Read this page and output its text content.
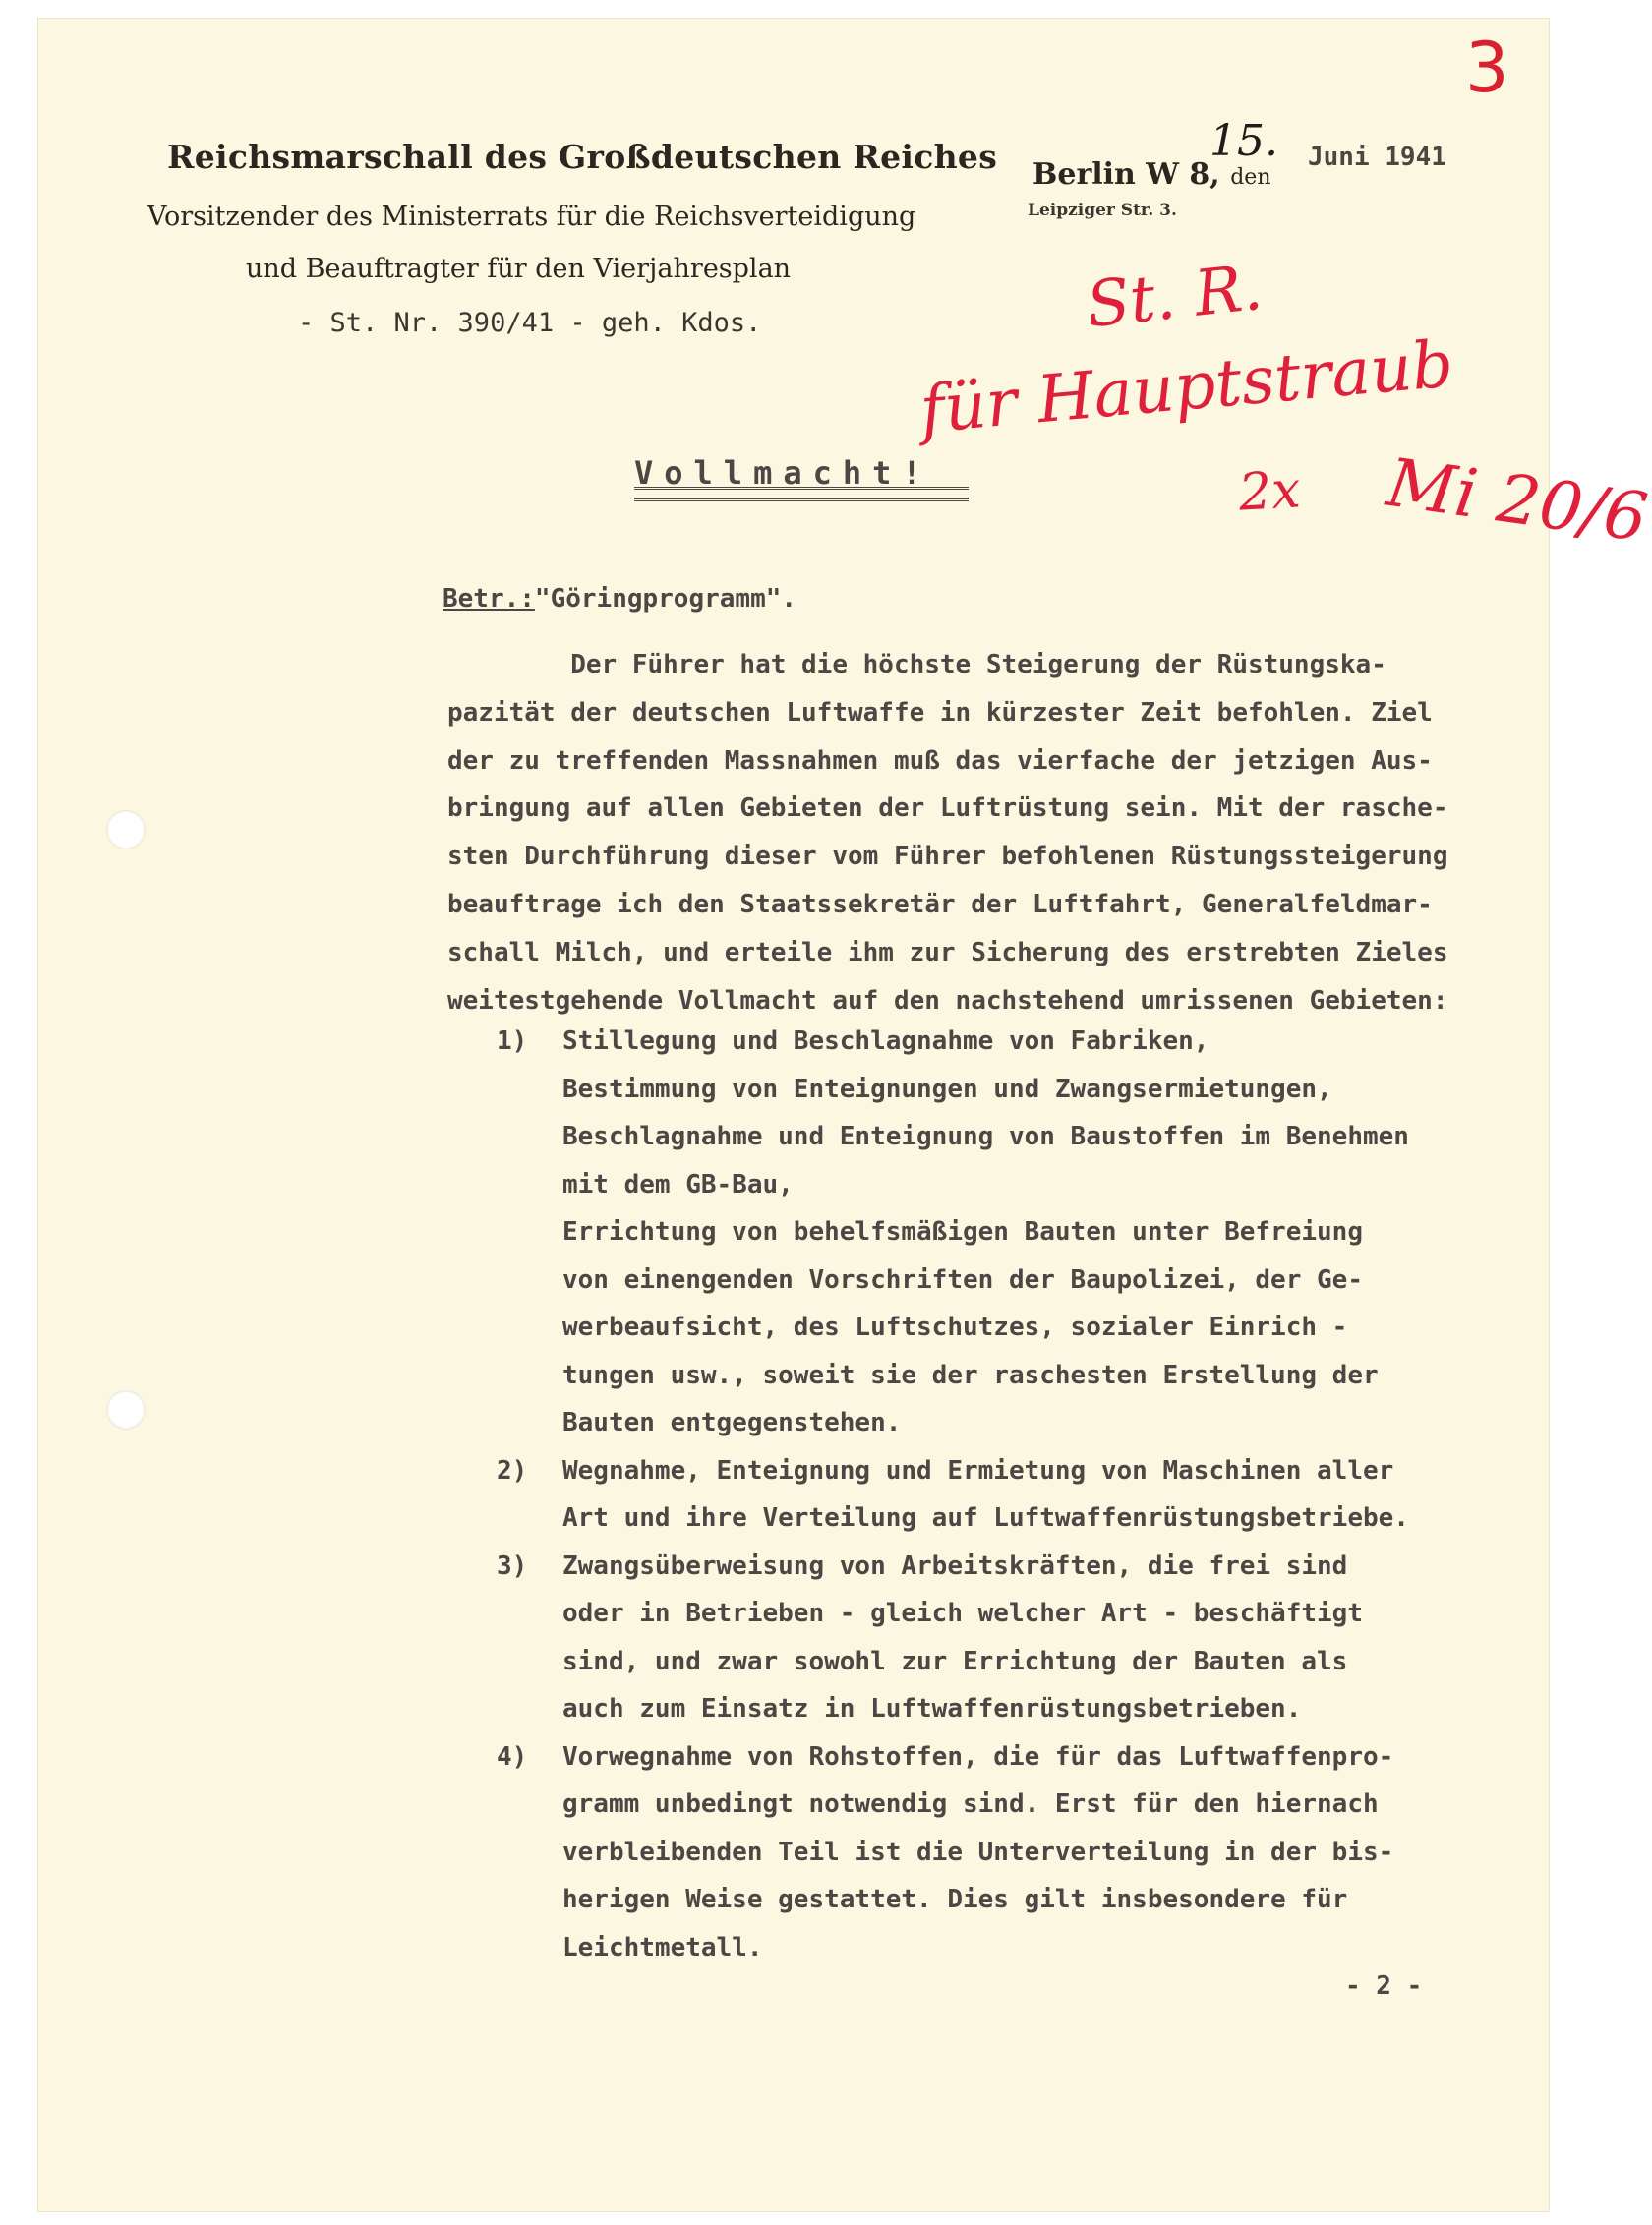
3
Reichsmarschall des Großdeutschen Reiches
Vorsitzender des Ministerrats für die Reichsverteidigung
und Beauftragter für den Vierjahresplan
- St. Nr. 390/41 - geh. Kdos.
Berlin W 8, den
15. Juni 1941
Leipziger Str. 3.
St. R.
für Hauptstraub
2x Mi 20/6
Vollmacht!
Betr.:"Göringprogramm".
Der Führer hat die höchste Steigerung der Rüstungska-
pazität der deutschen Luftwaffe in kürzester Zeit befohlen. Ziel
der zu treffenden Massnahmen muß das vierfache der jetzigen Aus-
bringung auf allen Gebieten der Luftrüstung sein. Mit der rasche-
sten Durchführung dieser vom Führer befohlenen Rüstungssteigerung
beauftrage ich den Staatssekretär der Luftfahrt, Generalfeldmar-
schall Milch, und erteile ihm zur Sicherung des erstrebten Zieles
weitestgehende Vollmacht auf den nachstehend umrissenen Gebieten:
1) Stillegung und Beschlagnahme von Fabriken,
Bestimmung von Enteignungen und Zwangsermietungen,
Beschlagnahme und Enteignung von Baustoffen im Benehmen
mit dem GB-Bau,
Errichtung von behelfsmäßigen Bauten unter Befreiung
von einengenden Vorschriften der Baupolizei, der Ge-
werbeaufsicht, des Luftschutzes, sozialer Einrich -
tungen usw., soweit sie der raschesten Erstellung der
Bauten entgegenstehen.
2) Wegnahme, Enteignung und Ermietung von Maschinen aller
Art und ihre Verteilung auf Luftwaffenrüstungsbetriebe.
3) Zwangsüberweisung von Arbeitskräften, die frei sind
oder in Betrieben - gleich welcher Art - beschäftigt
sind, und zwar sowohl zur Errichtung der Bauten als
auch zum Einsatz in Luftwaffenrüstungsbetrieben.
4) Vorwegnahme von Rohstoffen, die für das Luftwaffenpro-
gramm unbedingt notwendig sind. Erst für den hiernach
verbleibenden Teil ist die Unterverteilung in der bis-
herigen Weise gestattet. Dies gilt insbesondere für
Leichtmetall.
- 2 -
